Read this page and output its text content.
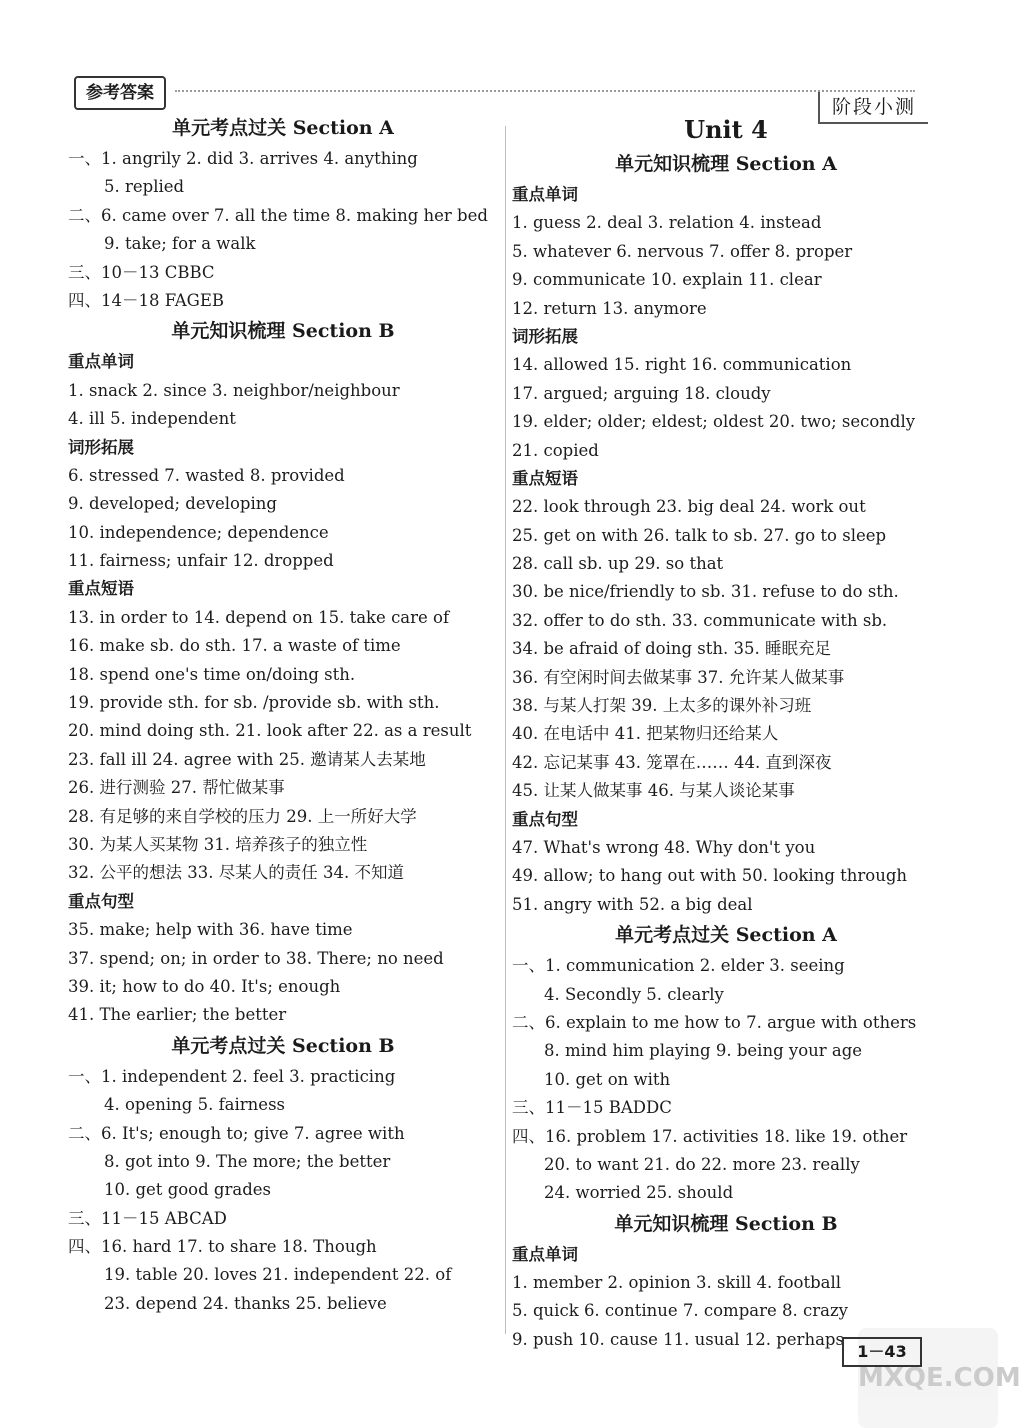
参考答案
阶段小测
单元考点过关 Section A
一、1. angrily 2. did 3. arrives 4. anything
5. replied
二、6. came over 7. all the time 8. making her bed
9. take; for a walk
三、10－13 CBBC
四、14－18 FAGEB
单元知识梳理 Section B
重点单词
1. snack 2. since 3. neighbor/neighbour
4. ill 5. independent
词形拓展
6. stressed 7. wasted 8. provided
9. developed; developing
10. independence; dependence
11. fairness; unfair 12. dropped
重点短语
13. in order to 14. depend on 15. take care of
16. make sb. do sth. 17. a waste of time
18. spend one's time on/doing sth.
19. provide sth. for sb. /provide sb. with sth.
20. mind doing sth. 21. look after 22. as a result
23. fall ill 24. agree with 25. 邀请某人去某地
26. 进行测验 27. 帮忙做某事
28. 有足够的来自学校的压力 29. 上一所好大学
30. 为某人买某物 31. 培养孩子的独立性
32. 公平的想法 33. 尽某人的责任 34. 不知道
重点句型
35. make; help with 36. have time
37. spend; on; in order to 38. There; no need
39. it; how to do 40. It's; enough
41. The earlier; the better
单元考点过关 Section B
一、1. independent 2. feel 3. practicing
4. opening 5. fairness
二、6. It's; enough to; give 7. agree with
8. got into 9. The more; the better
10. get good grades
三、11－15 ABCAD
四、16. hard 17. to share 18. Though
19. table 20. loves 21. independent 22. of
23. depend 24. thanks 25. believe
Unit 4
单元知识梳理 Section A
重点单词
1. guess 2. deal 3. relation 4. instead
5. whatever 6. nervous 7. offer 8. proper
9. communicate 10. explain 11. clear
12. return 13. anymore
词形拓展
14. allowed 15. right 16. communication
17. argued; arguing 18. cloudy
19. elder; older; eldest; oldest 20. two; secondly
21. copied
重点短语
22. look through 23. big deal 24. work out
25. get on with 26. talk to sb. 27. go to sleep
28. call sb. up 29. so that
30. be nice/friendly to sb. 31. refuse to do sth.
32. offer to do sth. 33. communicate with sb.
34. be afraid of doing sth. 35. 睡眠充足
36. 有空闲时间去做某事 37. 允许某人做某事
38. 与某人打架 39. 上太多的课外补习班
40. 在电话中 41. 把某物归还给某人
42. 忘记某事 43. 笼罩在…… 44. 直到深夜
45. 让某人做某事 46. 与某人谈论某事
重点句型
47. What's wrong 48. Why don't you
49. allow; to hang out with 50. looking through
51. angry with 52. a big deal
单元考点过关 Section A
一、1. communication 2. elder 3. seeing
4. Secondly 5. clearly
二、6. explain to me how to 7. argue with others
8. mind him playing 9. being your age
10. get on with
三、11－15 BADDC
四、16. problem 17. activities 18. like 19. other
20. to want 21. do 22. more 23. really
24. worried 25. should
单元知识梳理 Section B
重点单词
1. member 2. opinion 3. skill 4. football
5. quick 6. continue 7. compare 8. crazy
9. push 10. cause 11. usual 12. perhaps
MXQE.COM
1－43
